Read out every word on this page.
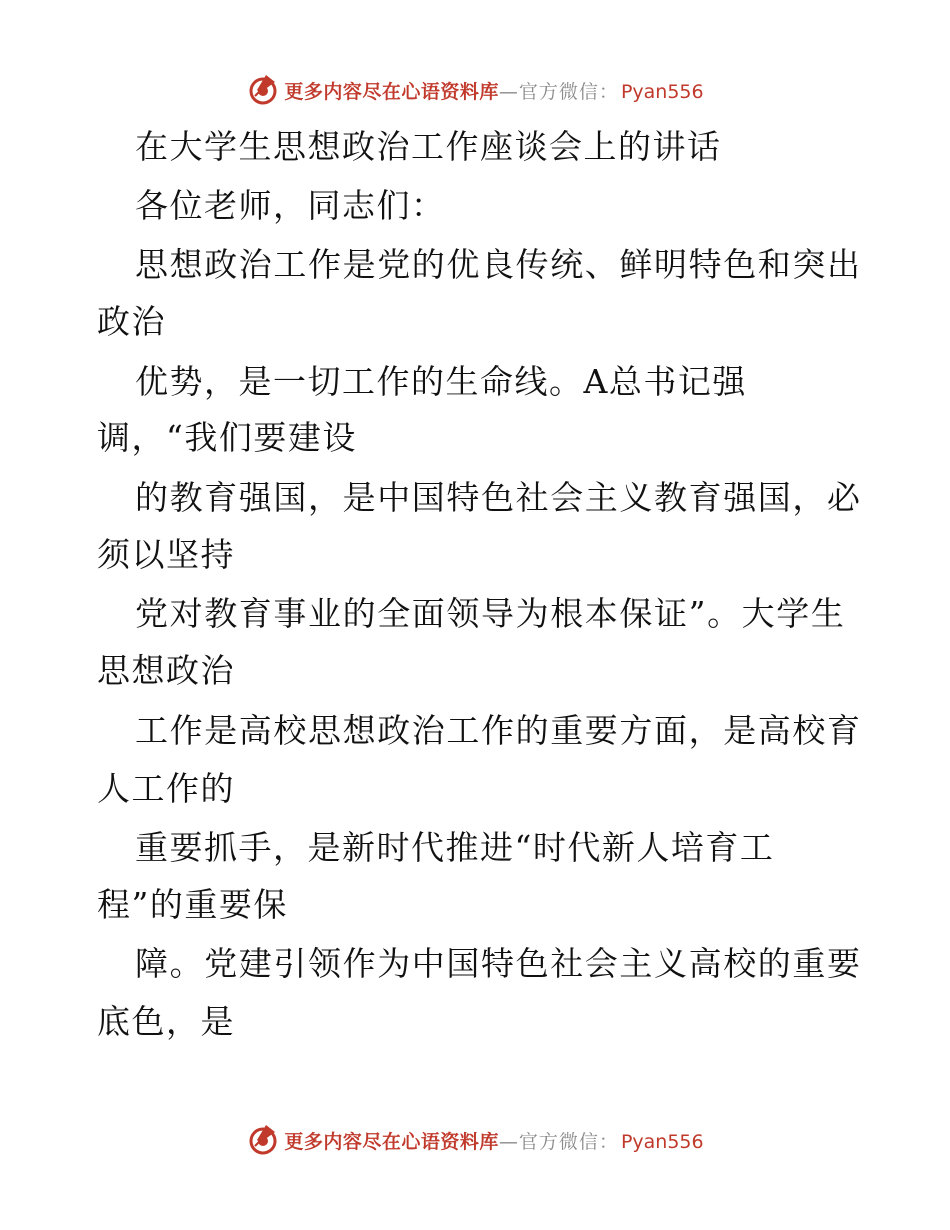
更多内容尽在心语资料库 —官方微信： Pyan556
在大学生思想政治工作座谈会上的讲话
各位老师，同志们：
思想政治工作是党的优良传统、鲜明特色和突出
政治
优势，是一切工作的生命线。A总书记强
调，“我们要建设
的教育强国，是中国特色社会主义教育强国，必
须以坚持
党对教育事业的全面领导为根本保证”。大学生
思想政治
工作是高校思想政治工作的重要方面，是高校育
人工作的
重要抓手，是新时代推进“时代新人培育工
程”的重要保
障。党建引领作为中国特色社会主义高校的重要
底色，是
更多内容尽在心语资料库 —官方微信： Pyan556
